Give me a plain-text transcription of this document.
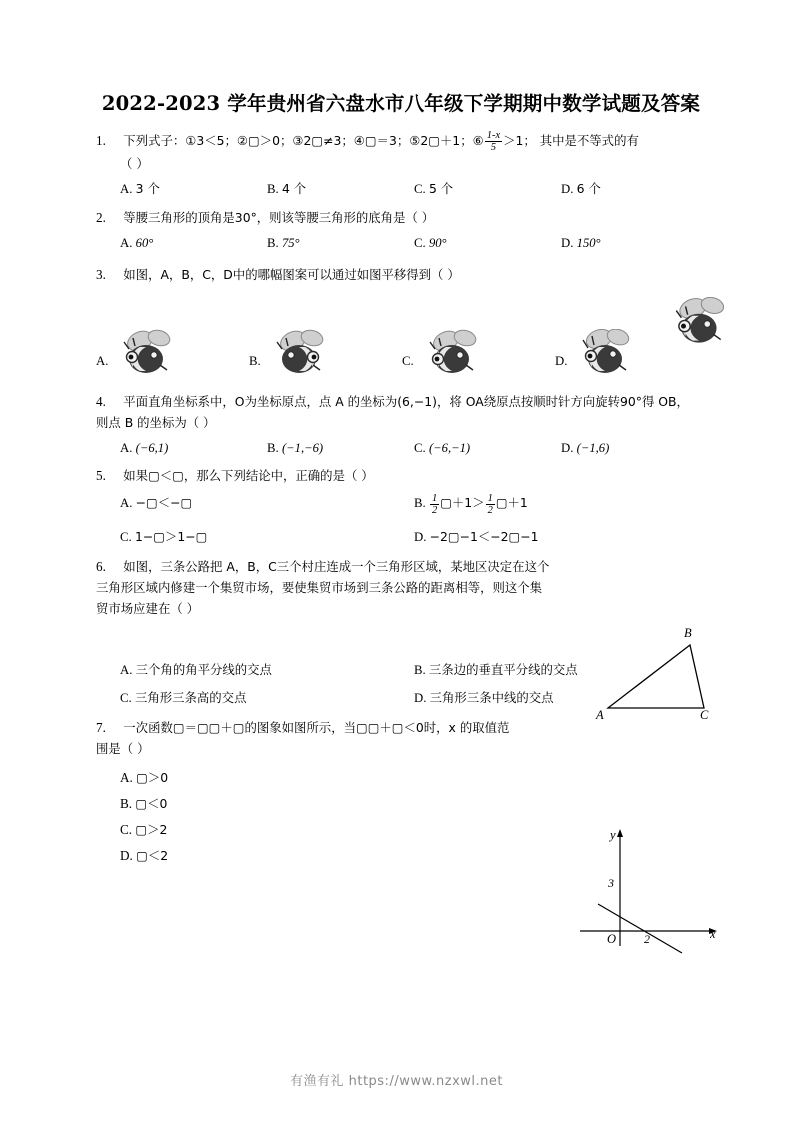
2022-2023 学年贵州省六盘水市八年级下学期期中数学试题及答案
1. 下列式子：①3＜5；②▢＞0；③2▢≠3；④▢＝3；⑤2▢＋1；⑥ $\frac{1-x}{5} >1$； 其中是不等式的有
（ ）
A. 3 个	B. 4 个	C. 5 个	D. 6 个
2. 等腰三角形的顶角是30°，则该等腰三角形的底角是（ ）
A. 60°	B. 75°	C. 90°	D. 150°
3. 如图，A，B，C，D中的哪幅图案可以通过如图平移得到（ ）
A.	B.	C.	D.
4. 平面直角坐标系中，O为坐标原点，点 A 的坐标为(6,−1)，将 OA绕原点按顺时针方向旋转90°得 OB，
则点 B 的坐标为（ ）
A. (−6,1)	B. (−1,−6)	C. (−6,−1)	D. (−1,6)
5. 如果▢＜▢，那么下列结论中，正确的是（ ）
A. −▢＜−▢	B. $\frac{1}{2}$ ▢＋1＞ $\frac{1}{2}$ ▢＋1
C. 1−▢＞1−▢	D. −2▢−1＜−2▢−1
6. 如图，三条公路把 A，B，C三个村庄连成一个三角形区域，某地区决定在这个
三角形区域内修建一个集贸市场，要使集贸市场到三条公路的距离相等，则这个集
贸市场应建在（ ）
A. 三个角的角平分线的交点	B. 三条边的垂直平分线的交点
C. 三角形三条高的交点	D. 三角形三条中线的交点
7. 一次函数▢＝▢▢＋▢的图象如图所示，当▢▢＋▢＜0时，x 的取值范
围是（ ）
A. ▢＞0
B. ▢＜0
C. ▢＞2
D. ▢＜2
B
A	C
y
3
O 2	x
有渔有礼 https://www.nzxwl.net
